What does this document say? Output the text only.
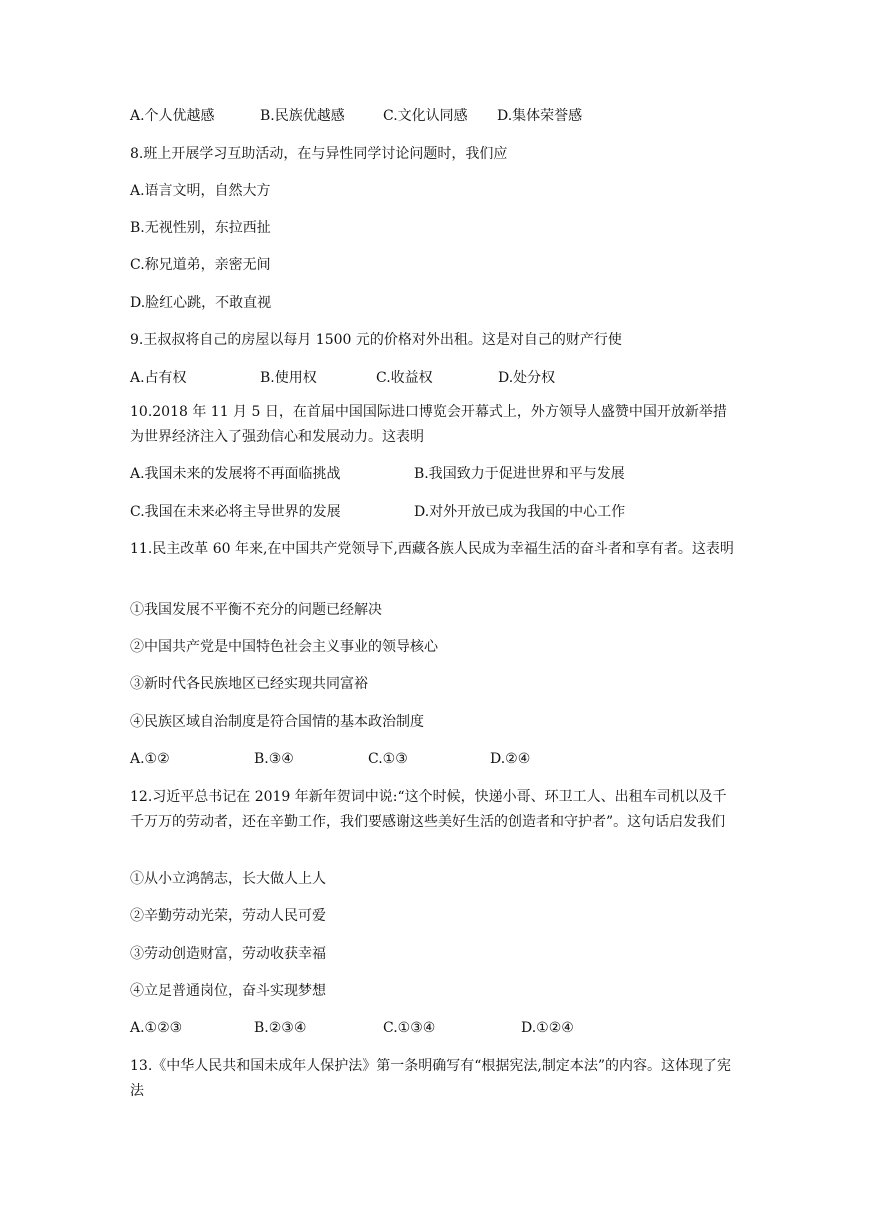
A.个人优越感	B.民族优越感	C.文化认同感	D.集体荣誉感
8.班上开展学习互助活动，在与异性同学讨论问题时，我们应
A.语言文明，自然大方
B.无视性别，东拉西扯
C.称兄道弟，亲密无间
D.脸红心跳，不敢直视
9.王叔叔将自己的房屋以每月 1500 元的价格对外出租。这是对自己的财产行使
A.占有权	B.使用权	C.收益权	D.处分权
10.2018 年 11 月 5 日，在首届中国国际进口博览会开幕式上，外方领导人盛赞中国开放新举措为世界经济注入了强劲信心和发展动力。这表明
A.我国未来的发展将不再面临挑战	B.我国致力于促进世界和平与发展
C.我国在未来必将主导世界的发展	D.对外开放已成为我国的中心工作
11.民主改革 60 年来,在中国共产党领导下,西藏各族人民成为幸福生活的奋斗者和享有者。这表明
①我国发展不平衡不充分的问题已经解决
②中国共产党是中国特色社会主义事业的领导核心
③新时代各民族地区已经实现共同富裕
④民族区域自治制度是符合国情的基本政治制度
A.①②	B.③④	C.①③	D.②④
12.习近平总书记在 2019 年新年贺词中说:“这个时候，快递小哥、环卫工人、出租车司机以及千千万万的劳动者，还在辛勤工作，我们要感谢这些美好生活的创造者和守护者”。这句话启发我们
①从小立鸿鹄志，长大做人上人
②辛勤劳动光荣，劳动人民可爱
③劳动创造财富，劳动收获幸福
④立足普通岗位，奋斗实现梦想
A.①②③	B.②③④	C.①③④	D.①②④
13.《中华人民共和国未成年人保护法》第一条明确写有“根据宪法,制定本法”的内容。这体现了宪法
